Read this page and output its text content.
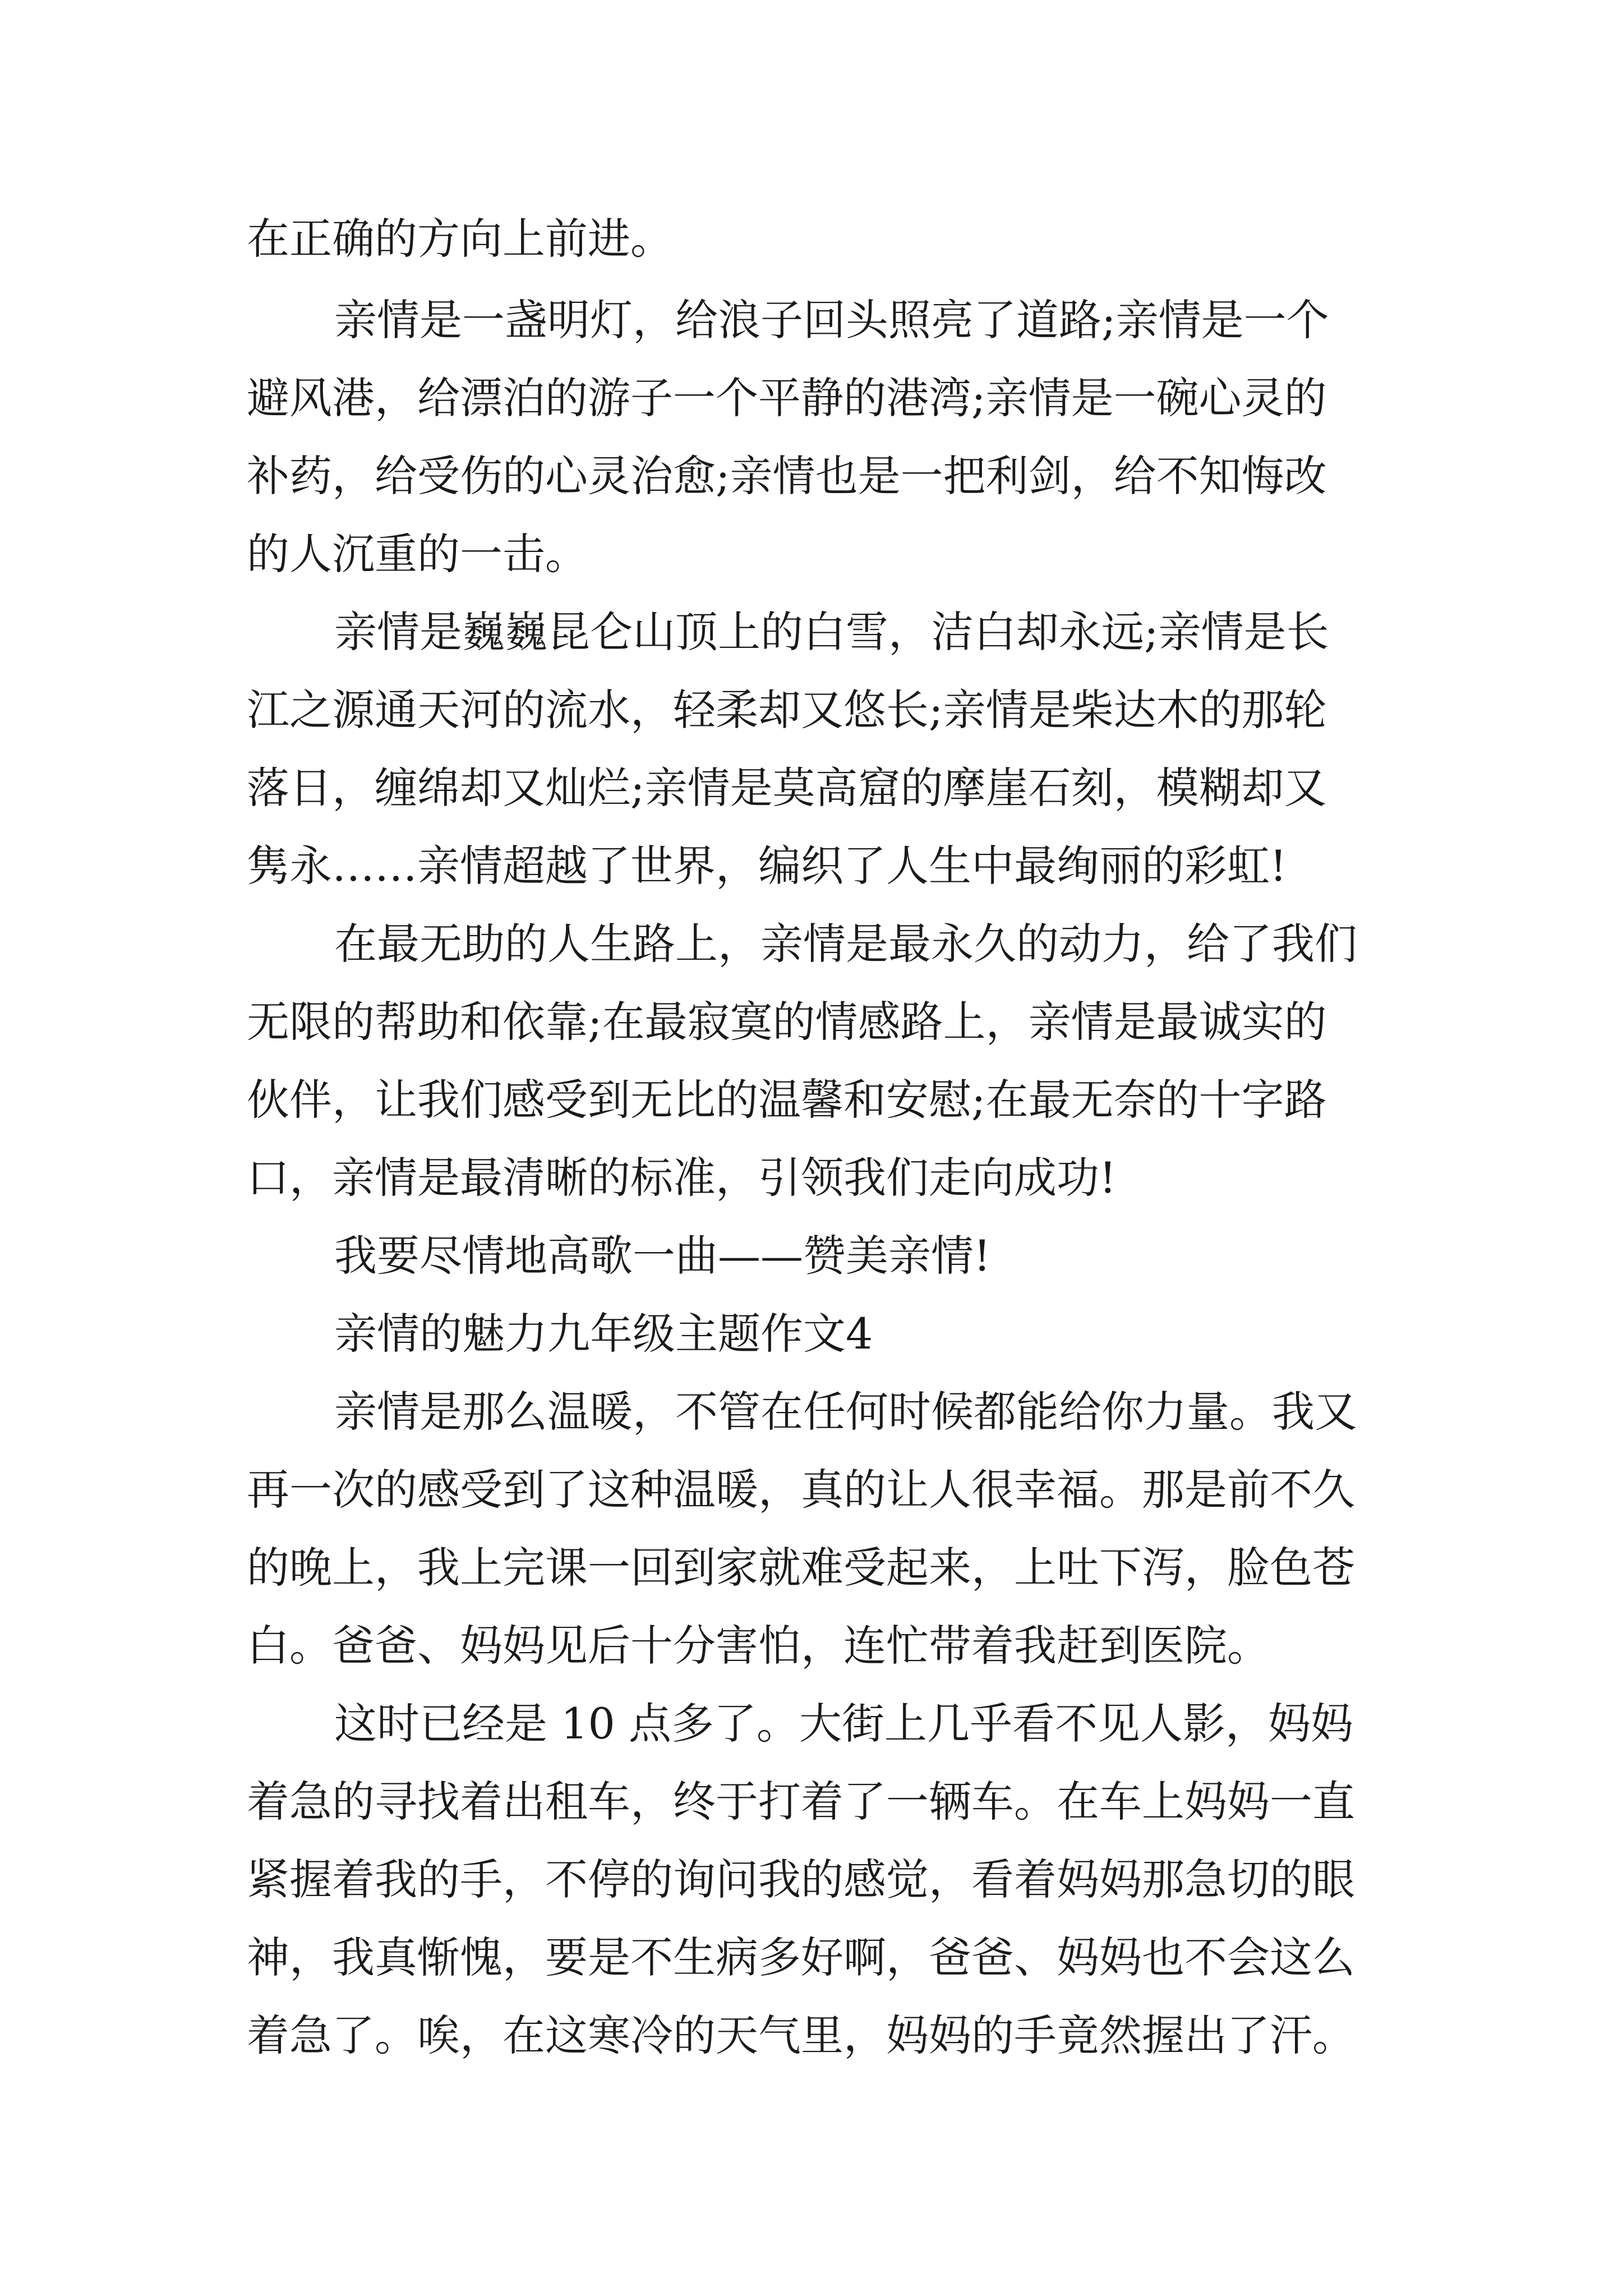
在正确的方向上前进。
亲情是一盏明灯，给浪子回头照亮了道路;亲情是一个
避风港，给漂泊的游子一个平静的港湾;亲情是一碗心灵的
补药，给受伤的心灵治愈;亲情也是一把利剑，给不知悔改
的人沉重的一击。
亲情是巍巍昆仑山顶上的白雪，洁白却永远;亲情是长
江之源通天河的流水，轻柔却又悠长;亲情是柴达木的那轮
落日，缠绵却又灿烂;亲情是莫高窟的摩崖石刻，模糊却又
隽永……亲情超越了世界，编织了人生中最绚丽的彩虹!
在最无助的人生路上，亲情是最永久的动力，给了我们
无限的帮助和依靠;在最寂寞的情感路上，亲情是最诚实的
伙伴，让我们感受到无比的温馨和安慰;在最无奈的十字路
口，亲情是最清晰的标准，引领我们走向成功!
我要尽情地高歌一曲——赞美亲情!
亲情的魅力九年级主题作文4
亲情是那么温暖，不管在任何时候都能给你力量。我又
再一次的感受到了这种温暖，真的让人很幸福。那是前不久
的晚上，我上完课一回到家就难受起来，上吐下泻，脸色苍
白。爸爸、妈妈见后十分害怕，连忙带着我赶到医院。
这时已经是 10 点多了。大街上几乎看不见人影，妈妈
着急的寻找着出租车，终于打着了一辆车。在车上妈妈一直
紧握着我的手，不停的询问我的感觉，看着妈妈那急切的眼
神，我真惭愧，要是不生病多好啊，爸爸、妈妈也不会这么
着急了。唉，在这寒冷的天气里，妈妈的手竟然握出了汗。
